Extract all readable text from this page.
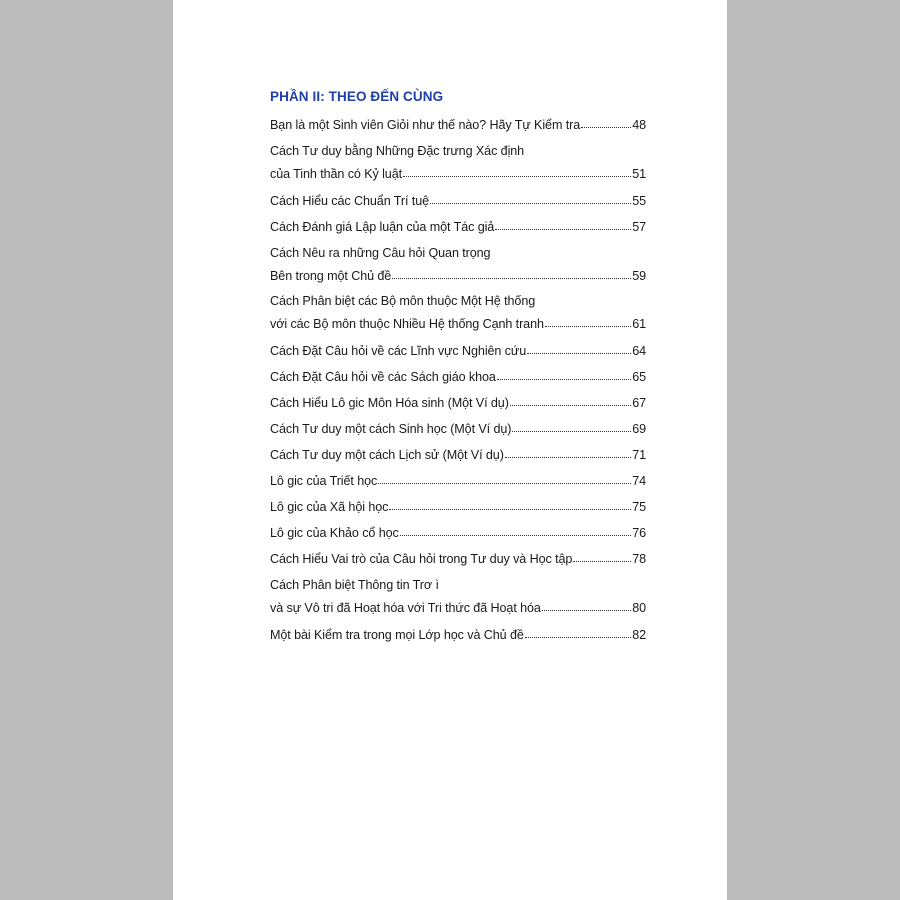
PHẦN II: THEO ĐẾN CÙNG
Bạn là một Sinh viên Giỏi như thế nào? Hãy Tự Kiểm tra	48
Cách Tư duy bằng Những Đặc trưng Xác định
của Tinh thần có Kỷ luật	51
Cách Hiểu các Chuẩn Trí tuệ	55
Cách Đánh giá Lập luận của một Tác giả	57
Cách Nêu ra những Câu hỏi Quan trọng
Bên trong một Chủ đề	59
Cách Phân biệt các Bộ môn thuộc Một Hệ thống
với các Bộ môn thuộc Nhiều Hệ thống Cạnh tranh	61
Cách Đặt Câu hỏi về các Lĩnh vực Nghiên cứu	64
Cách Đặt Câu hỏi về các Sách giáo khoa	65
Cách Hiểu Lô gic Môn Hóa sinh (Một Ví dụ)	67
Cách Tư duy một cách Sinh học (Một Ví dụ)	69
Cách Tư duy một cách Lịch sử (Một Ví dụ)	71
Lô gic của Triết học	74
Lô gic của Xã hội học	75
Lô gic của Khảo cổ học	76
Cách Hiểu Vai trò của Câu hỏi trong Tư duy và Học tập	78
Cách Phân biệt Thông tin Trơ ì
và sự Vô tri đã Hoạt hóa với Tri thức đã Hoạt hóa	80
Một bài Kiểm tra trong mọi Lớp học và Chủ đề	82
